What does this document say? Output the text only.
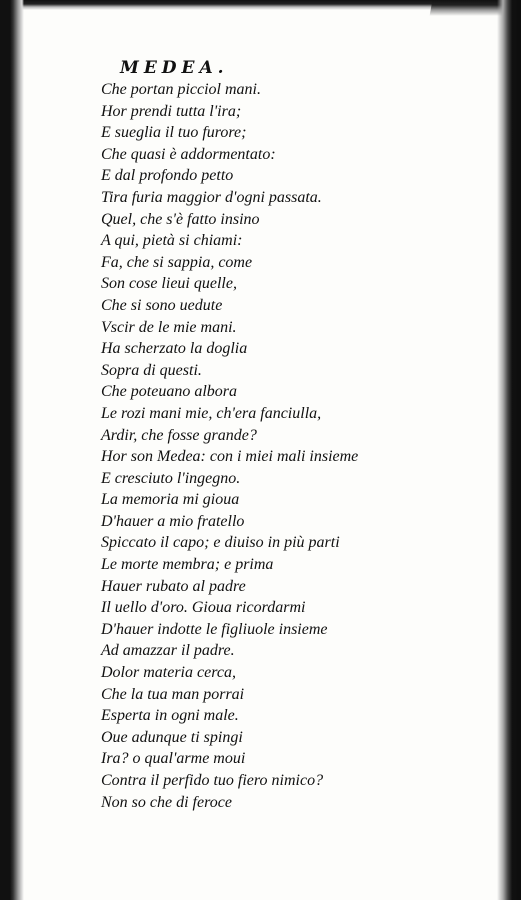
MEDEA.
Che portan picciol mani.
Hor prendi tutta l'ira;
E sueglia il tuo furore;
Che quasi è addormentato:
E dal profondo petto
Tira furia maggior d'ogni passata.
Quel, che s'è fatto insino
A qui, pietà si chiami:
Fa, che si sappia, come
Son cose lieui quelle,
Che si sono uedute
Vscir de le mie mani.
Ha scherzato la doglia
Sopra di questi.
Che poteuano albora
Le rozi mani mie, ch'era fanciulla,
Ardir, che fosse grande?
Hor son Medea: con i miei mali insieme
E cresciuto l'ingegno.
La memoria mi gioua
D'hauer a mio fratello
Spiccato il capo; e diuiso in più parti
Le morte membra; e prima
Hauer rubato al padre
Il uello d'oro. Gioua ricordarmi
D'hauer indotte le figliuole insieme
Ad amazzar il padre.
Dolor materia cerca,
Che la tua man porrai
Esperta in ogni male.
Oue adunque ti spingi
Ira? o qual'arme moui
Contra il perfido tuo fiero nimico?
Non so che di feroce
